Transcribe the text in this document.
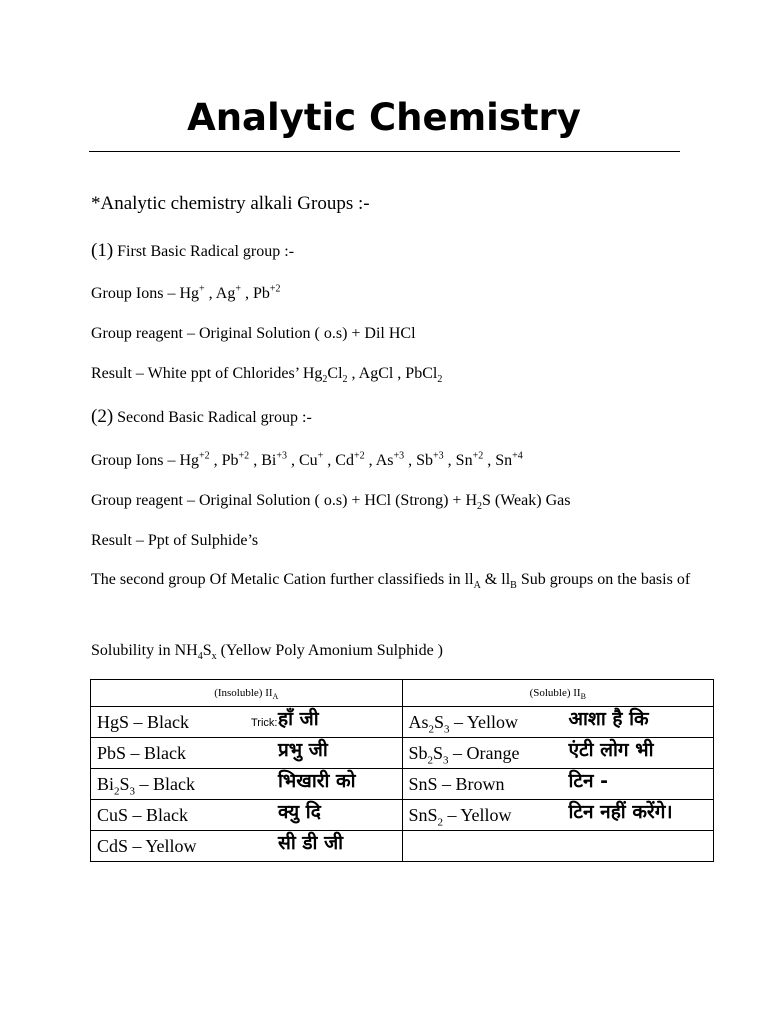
Analytic Chemistry
*Analytic chemistry alkali Groups :-
(1) First Basic Radical group :-
Group Ions – Hg+ , Ag+ , $Pb^{+2}$
Group reagent – Original Solution ( o.s) + Dil HCl
Result – White ppt of Chlorides’ $Hg_2Cl_2$ , AgCl , PbCl$_2$
(2) Second Basic Radical group :-
Group Ions – $Hg^{+2}$ , $Pb^{+2}$ , $Bi^{+3}$ , Cu+ , $Cd^{+2}$ , $As^{+3}$ , $Sb^{+3}$ , $Sn^{+2}$ , $Sn^{+4}$
Group reagent – Original Solution ( o.s) + HCl (Strong) + $H_2S$ (Weak) Gas
Result – Ppt of Sulphide’s
The second group Of Metalic Cation further classifieds in $ll_A$ & $ll_B$ Sub groups on the basis of
Solubility in $NH_4S_x$ (Yellow Poly Amonium Sulphide )
(Insoluble) $II_A$	(Soluble) $II_B$

HgS – Black Trick:-
हाँ जी	$As_2S_3$ – Yellow आशा है कि

PbS – Black प्रभु जी	$Sb_2S_3$ – Orange एंटी लोग भी

$Bi_2S_3$ – Black भिखारी को	SnS – Brown टिन -

CuS – Black क्यु दि	SnS$_2$ – Yellow टिन नहीं करेंगे।

CdS – Yellow सी डी जी	
